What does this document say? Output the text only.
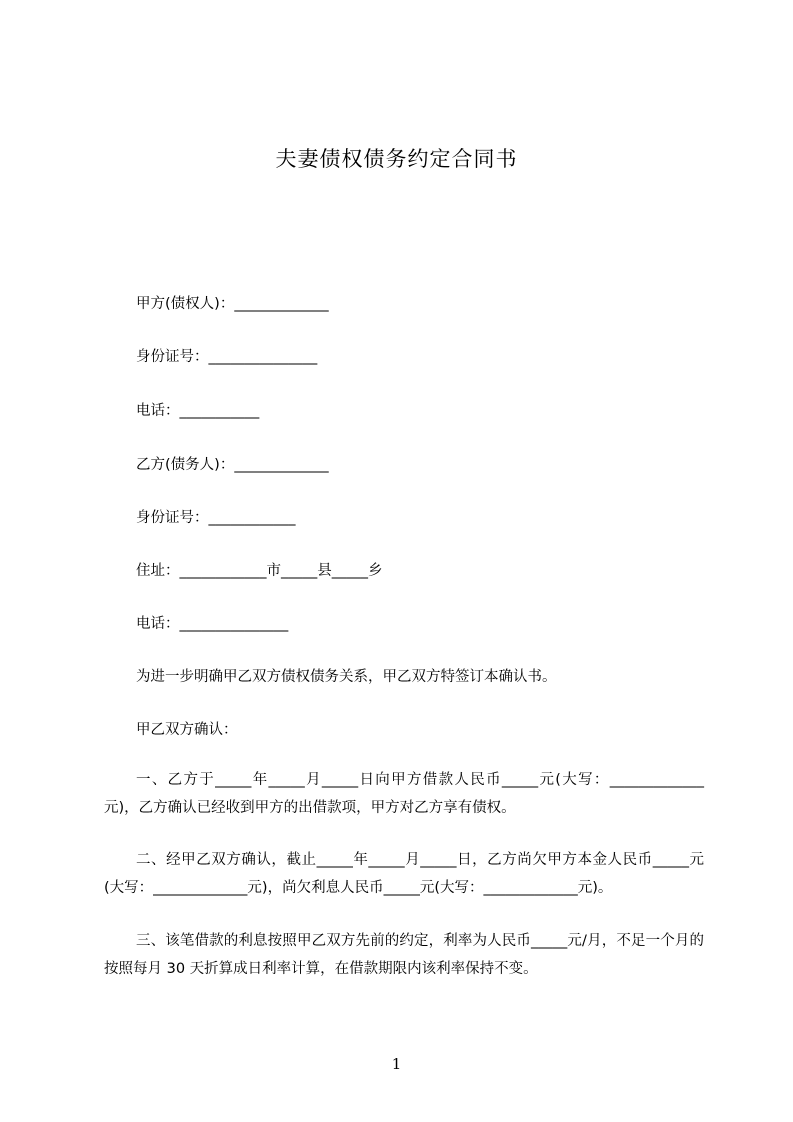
夫妻债权债务约定合同书
甲方(债权人)：_____________
身份证号：_______________
电话：___________
乙方(债务人)：_____________
身份证号：____________
住址：____________市_____县_____乡
电话：_______________
为进一步明确甲乙双方债权债务关系，甲乙双方特签订本确认书。
甲乙双方确认：
一、乙方于_____年_____月_____日向甲方借款人民币_____元(大写：_____________元)，乙方确认已经收到甲方的出借款项，甲方对乙方享有债权。
二、经甲乙双方确认，截止_____年_____月_____日，乙方尚欠甲方本金人民币_____元(大写：_____________元)，尚欠利息人民币_____元(大写：_____________元)。
三、该笔借款的利息按照甲乙双方先前的约定，利率为人民币_____元/月，不足一个月的按照每月 30 天折算成日利率计算，在借款期限内该利率保持不变。
1
